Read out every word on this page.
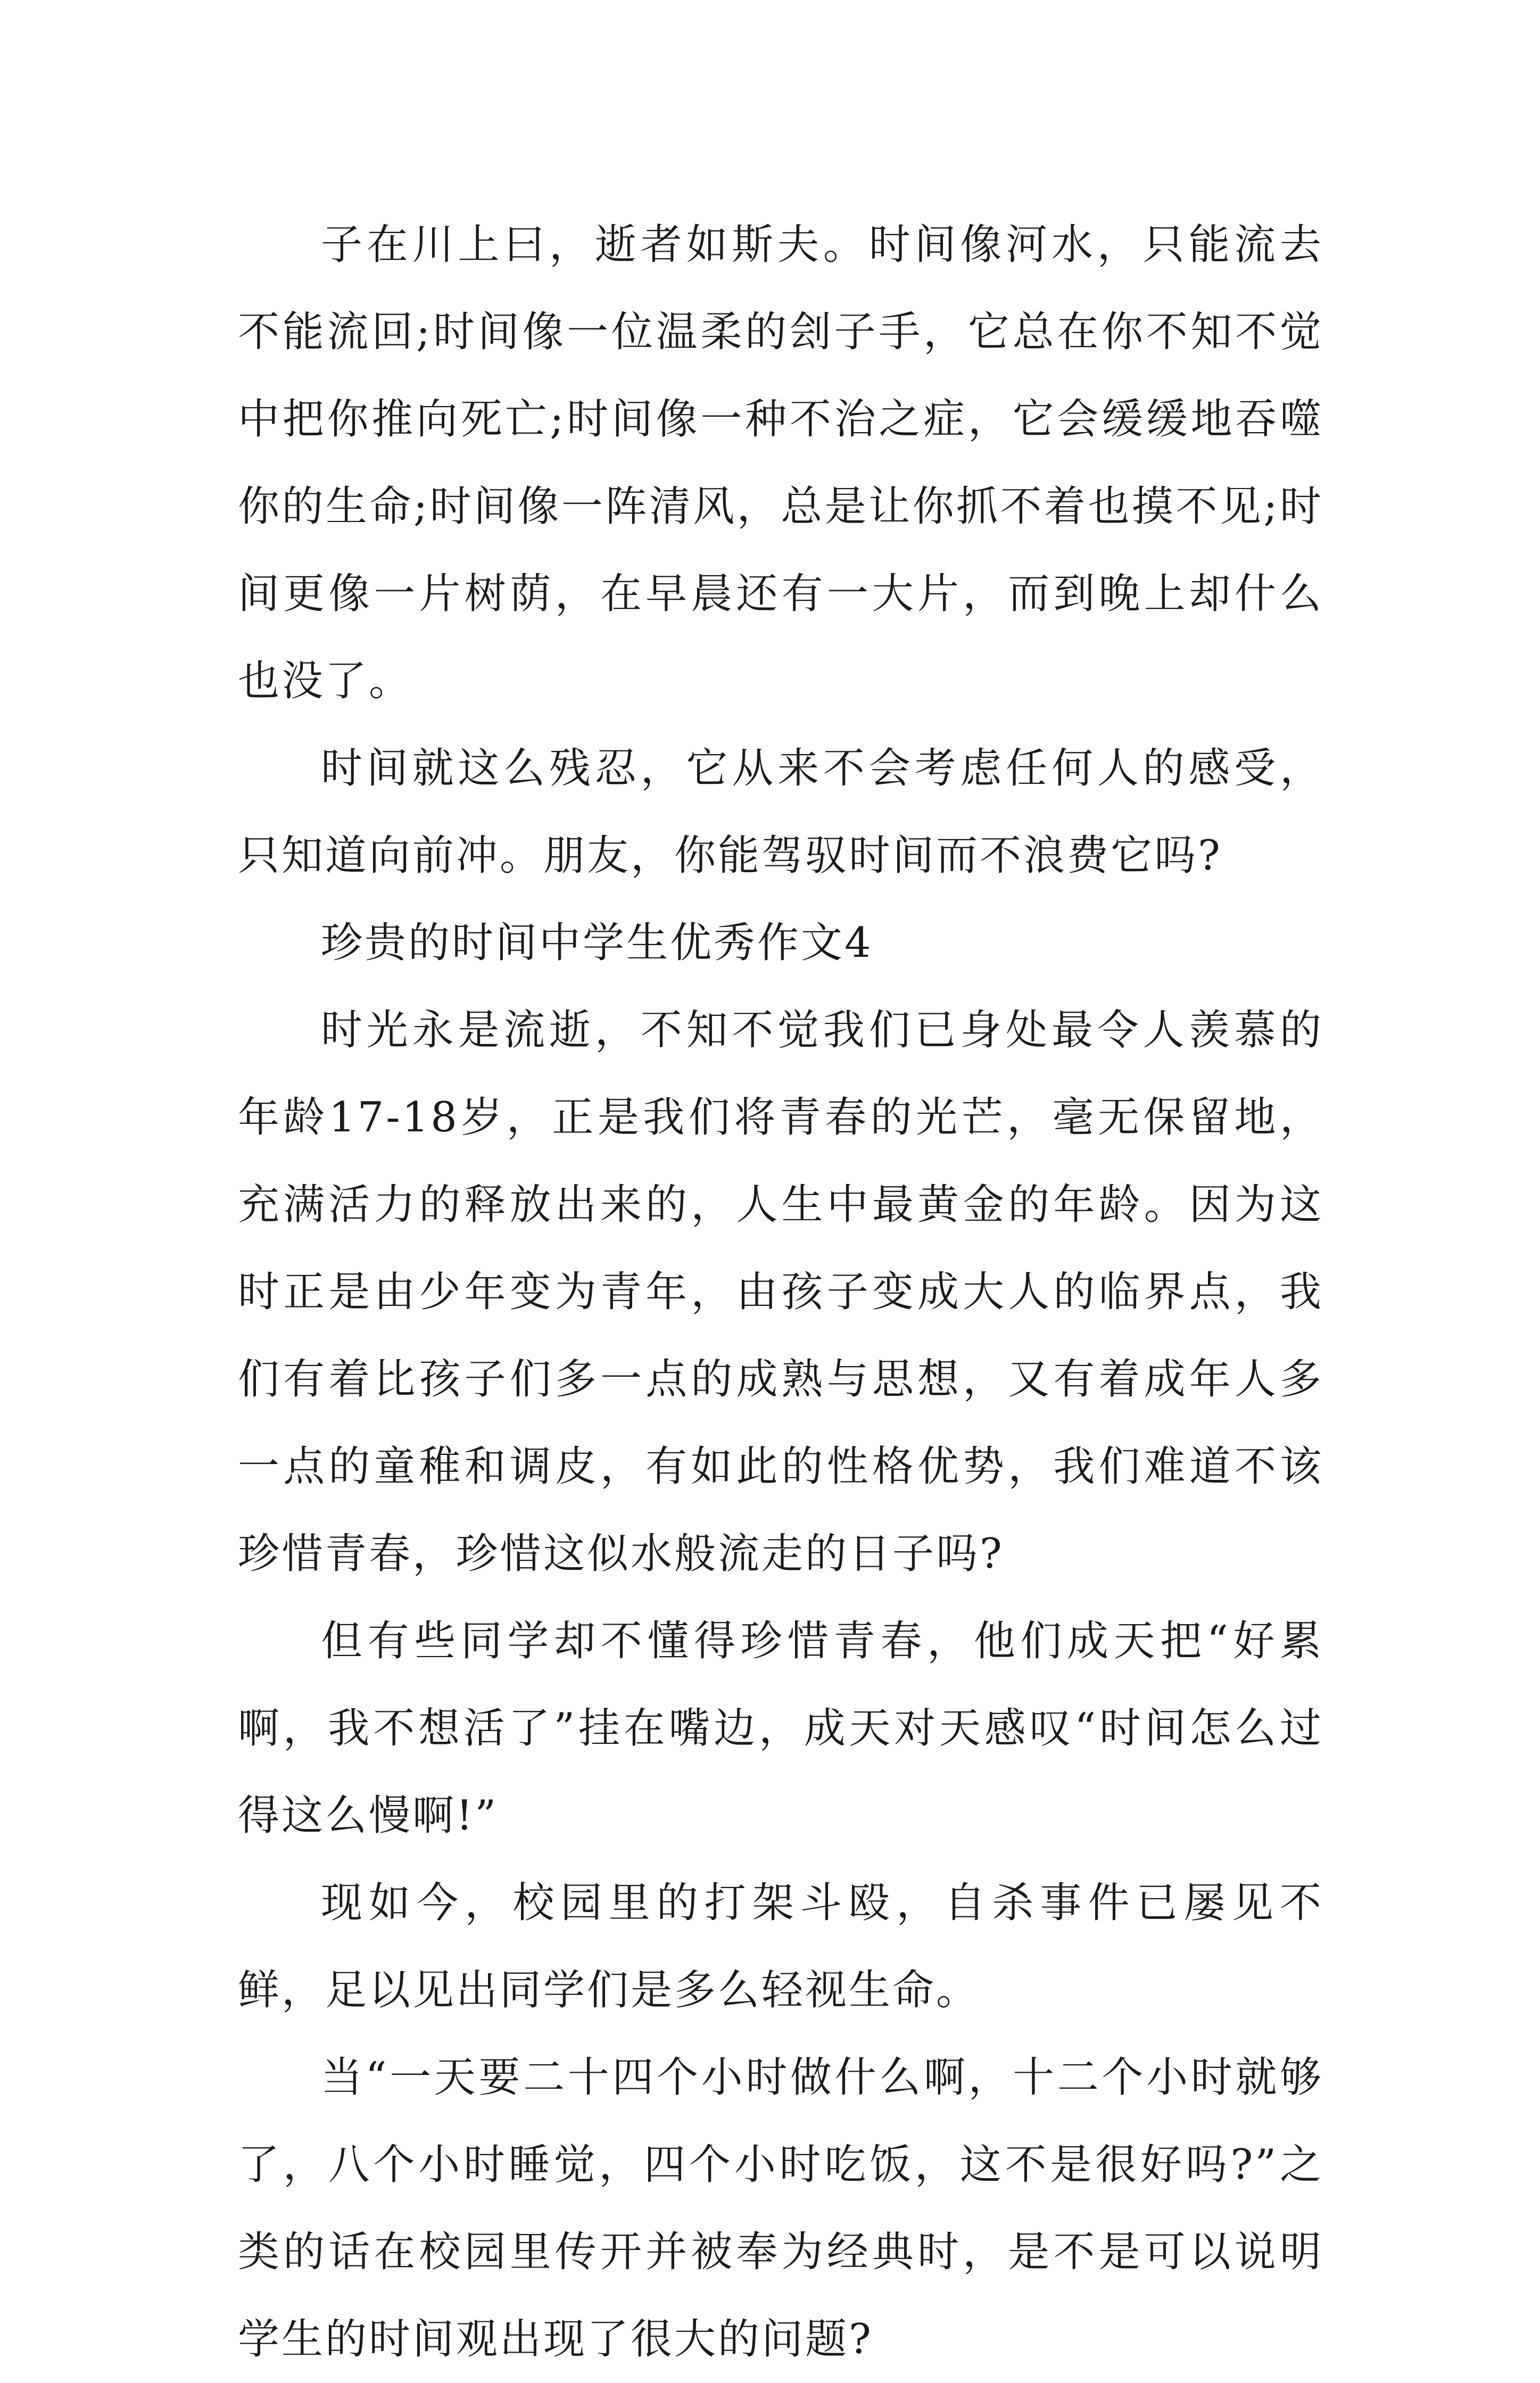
子在川上曰，逝者如斯夫。时间像河水，只能流去不能流回;时间像一位温柔的刽子手，它总在你不知不觉中把你推向死亡;时间像一种不治之症，它会缓缓地吞噬你的生命;时间像一阵清风，总是让你抓不着也摸不见;时间更像一片树荫，在早晨还有一大片，而到晚上却什么也没了。

时间就这么残忍，它从来不会考虑任何人的感受，只知道向前冲。朋友，你能驾驭时间而不浪费它吗?

珍贵的时间中学生优秀作文4

时光永是流逝，不知不觉我们已身处最令人羡慕的年龄17-18岁，正是我们将青春的光芒，毫无保留地，充满活力的释放出来的，人生中最黄金的年龄。因为这时正是由少年变为青年，由孩子变成大人的临界点，我们有着比孩子们多一点的成熟与思想，又有着成年人多一点的童稚和调皮，有如此的性格优势，我们难道不该珍惜青春，珍惜这似水般流走的日子吗?

但有些同学却不懂得珍惜青春，他们成天把“好累啊，我不想活了”挂在嘴边，成天对天感叹“时间怎么过得这么慢啊!”

现如今，校园里的打架斗殴，自杀事件已屡见不鲜，足以见出同学们是多么轻视生命。

当“一天要二十四个小时做什么啊，十二个小时就够了，八个小时睡觉，四个小时吃饭，这不是很好吗?”之类的话在校园里传开并被奉为经典时，是不是可以说明学生的时间观出现了很大的问题?
